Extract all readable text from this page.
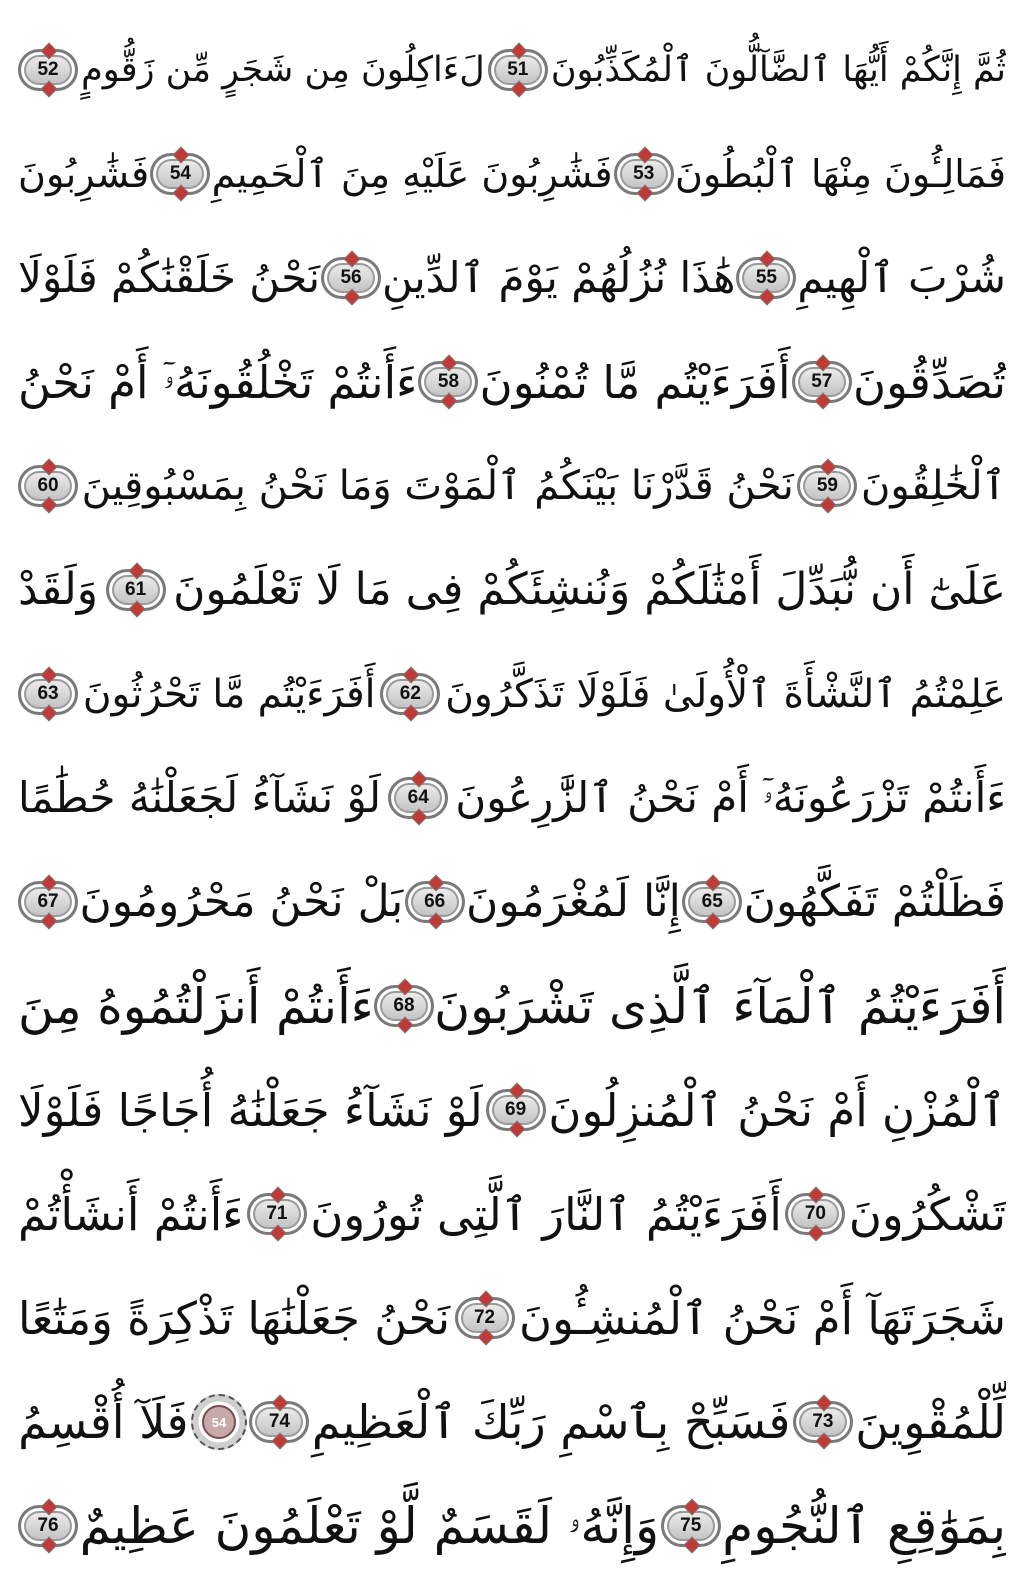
ثُمَّ إِنَّكُمْ أَيُّهَا ٱلضَّآلُّونَ ٱلْمُكَذِّبُونَ
51
لَءَاكِلُونَ مِن شَجَرٍ مِّن زَقُّومٍ
52
فَمَالِـُٔونَ مِنْهَا ٱلْبُطُونَ
53
فَشَٰرِبُونَ عَلَيْهِ مِنَ ٱلْحَمِيمِ
54
فَشَٰرِبُونَ
شُرْبَ ٱلْهِيمِ
55
هَٰذَا نُزُلُهُمْ يَوْمَ ٱلدِّينِ
56
نَحْنُ خَلَقْنَٰكُمْ فَلَوْلَا
تُصَدِّقُونَ
57
أَفَرَءَيْتُم مَّا تُمْنُونَ
58
ءَأَنتُمْ تَخْلُقُونَهُۥٓ أَمْ نَحْنُ
ٱلْخَٰلِقُونَ
59
نَحْنُ قَدَّرْنَا بَيْنَكُمُ ٱلْمَوْتَ وَمَا نَحْنُ بِمَسْبُوقِينَ
60
عَلَىٰٓ أَن نُّبَدِّلَ أَمْثَٰلَكُمْ وَنُنشِئَكُمْ فِى مَا لَا تَعْلَمُونَ
61
وَلَقَدْ
عَلِمْتُمُ ٱلنَّشْأَةَ ٱلْأُولَىٰ فَلَوْلَا تَذَكَّرُونَ
62
أَفَرَءَيْتُم مَّا تَحْرُثُونَ
63
ءَأَنتُمْ تَزْرَعُونَهُۥٓ أَمْ نَحْنُ ٱلزَّٰرِعُونَ
64
لَوْ نَشَآءُ لَجَعَلْنَٰهُ حُطَٰمًا
فَظَلْتُمْ تَفَكَّهُونَ
65
إِنَّا لَمُغْرَمُونَ
66
بَلْ نَحْنُ مَحْرُومُونَ
67
أَفَرَءَيْتُمُ ٱلْمَآءَ ٱلَّذِى تَشْرَبُونَ
68
ءَأَنتُمْ أَنزَلْتُمُوهُ مِنَ
ٱلْمُزْنِ أَمْ نَحْنُ ٱلْمُنزِلُونَ
69
لَوْ نَشَآءُ جَعَلْنَٰهُ أُجَاجًا فَلَوْلَا
تَشْكُرُونَ
70
أَفَرَءَيْتُمُ ٱلنَّارَ ٱلَّتِى تُورُونَ
71
ءَأَنتُمْ أَنشَأْتُمْ
شَجَرَتَهَآ أَمْ نَحْنُ ٱلْمُنشِـُٔونَ
72
نَحْنُ جَعَلْنَٰهَا تَذْكِرَةً وَمَتَٰعًا
لِّلْمُقْوِينَ
73
فَسَبِّحْ بِٱسْمِ رَبِّكَ ٱلْعَظِيمِ
74
54
فَلَآ أُقْسِمُ
بِمَوَٰقِعِ ٱلنُّجُومِ
75
وَإِنَّهُۥ لَقَسَمٌ لَّوْ تَعْلَمُونَ عَظِيمٌ
76
